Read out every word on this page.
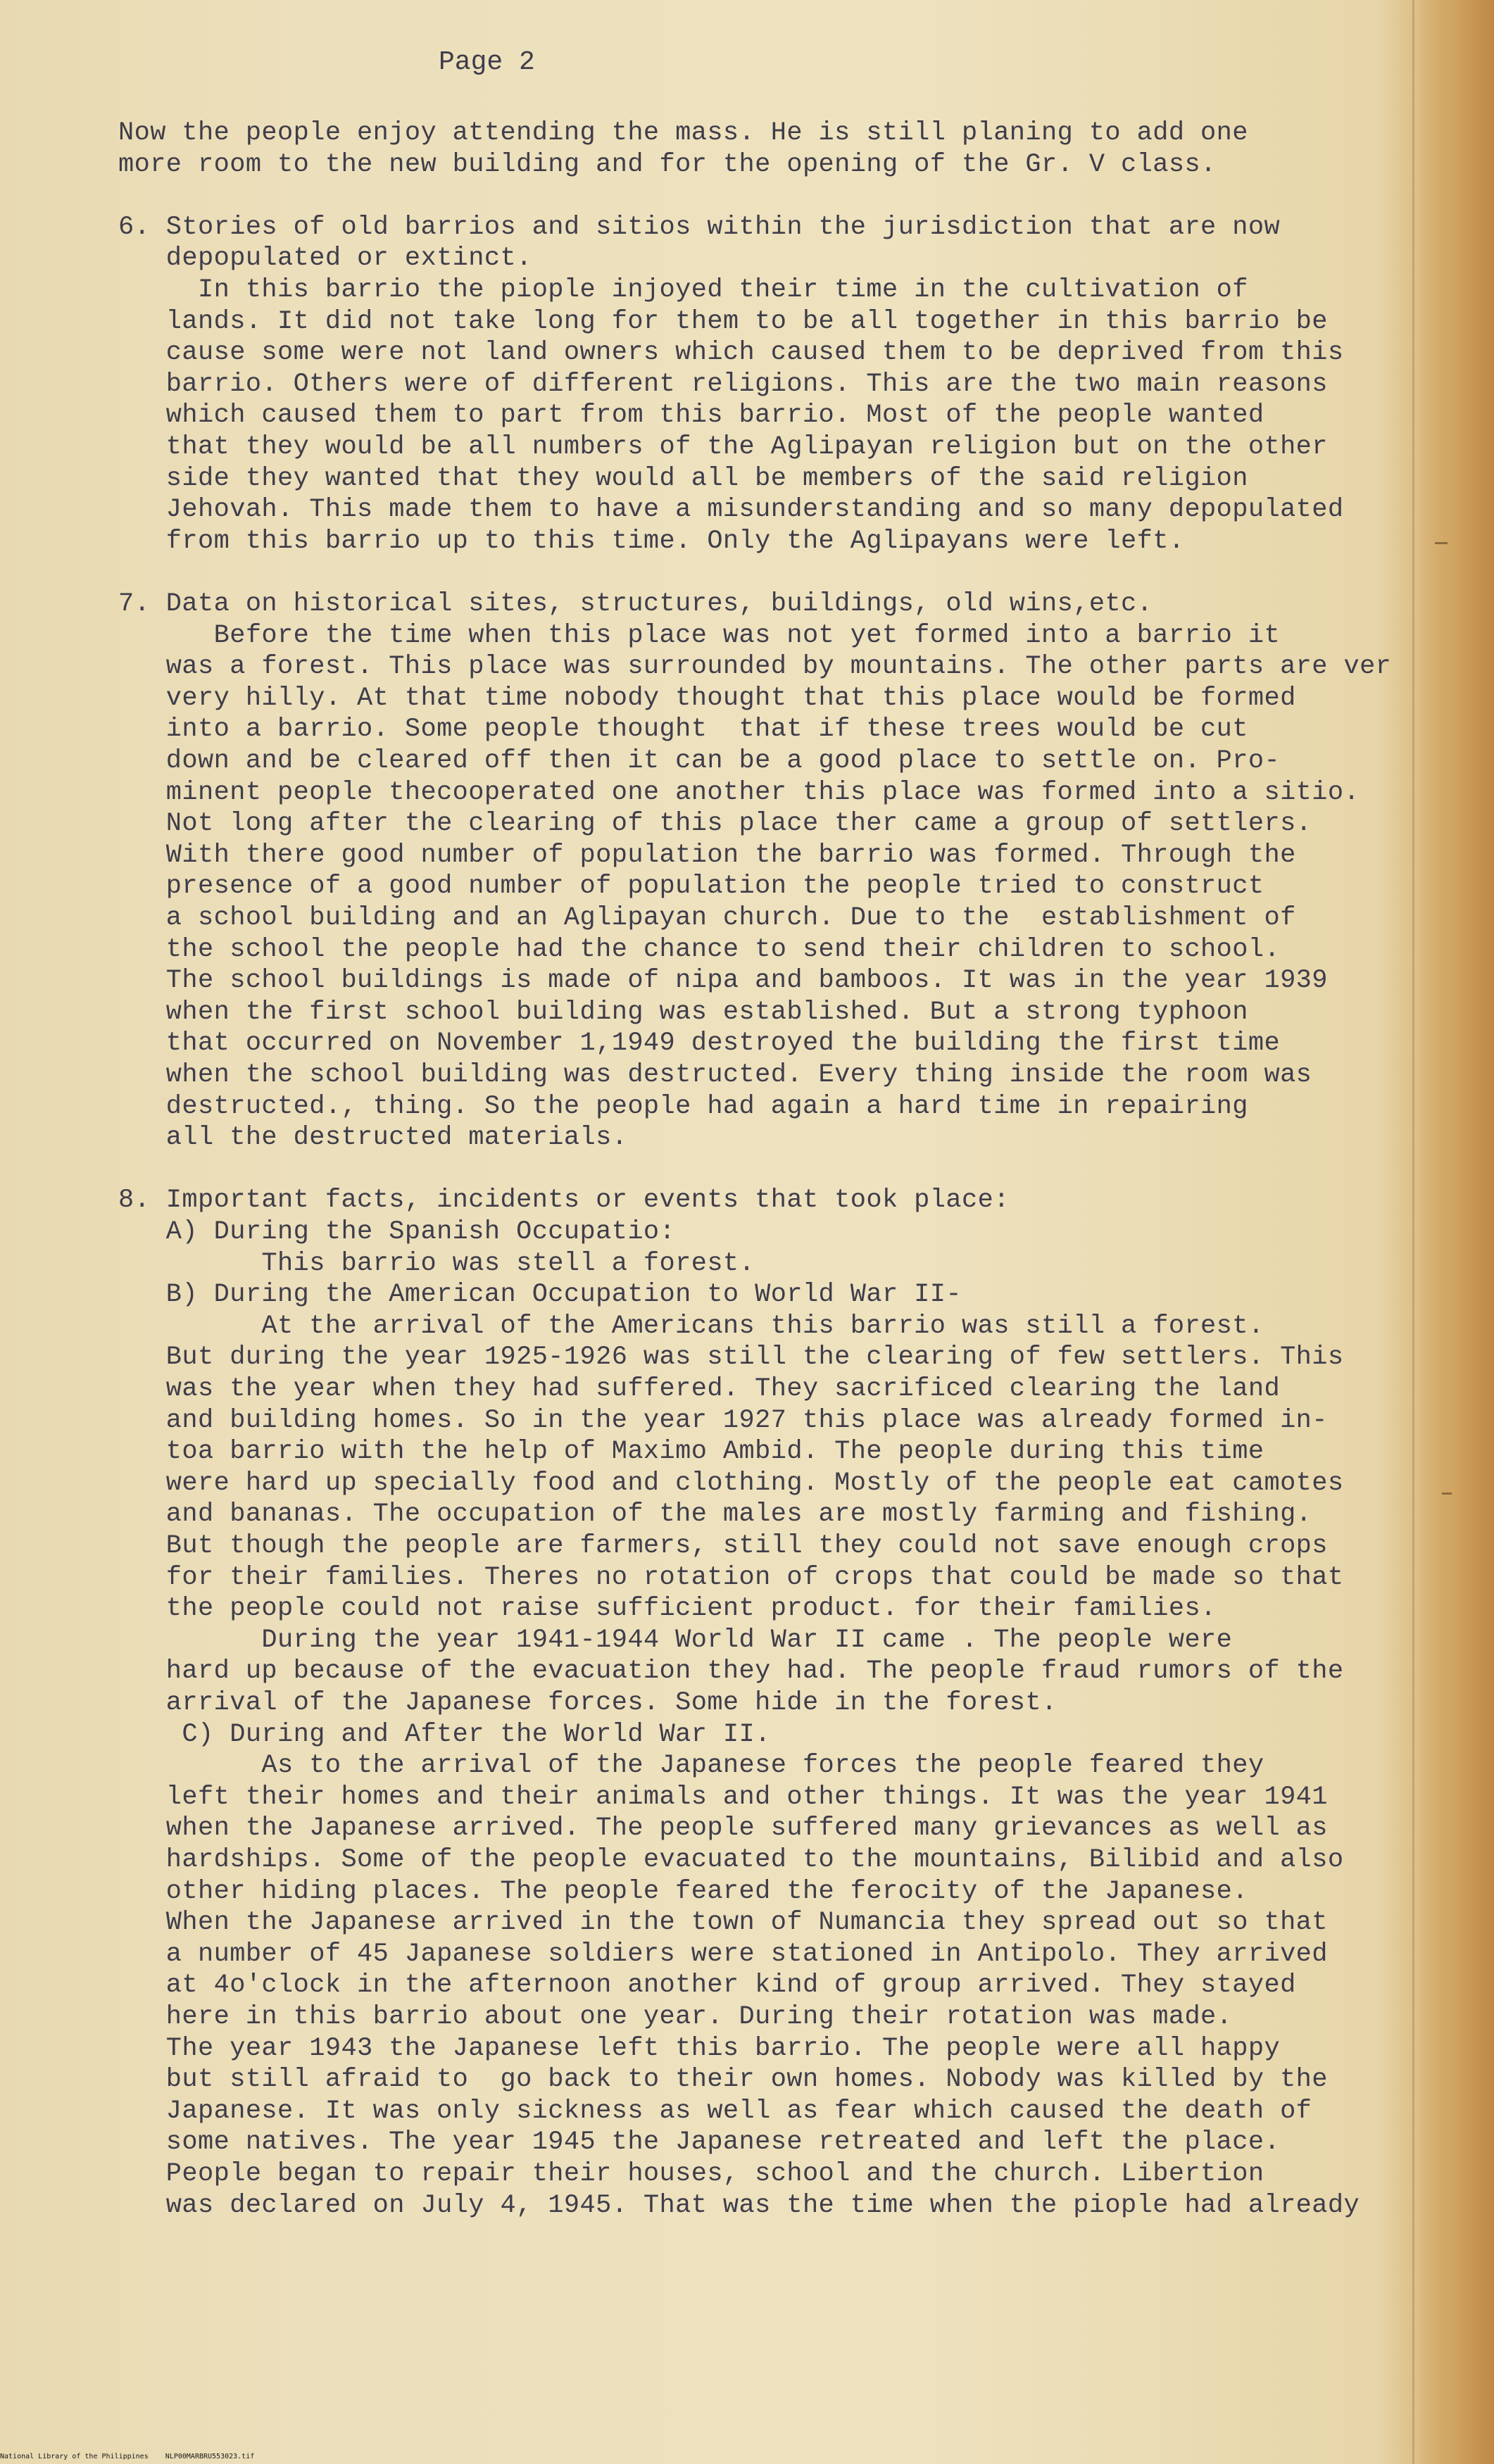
Page 2
Now the people enjoy attending the mass. He is still planing to add one
more room to the new building and for the opening of the Gr. V class.
6. Stories of old barrios and sitios within the jurisdiction that are now
depopulated or extinct.
In this barrio the piople injoyed their time in the cultivation of
lands. It did not take long for them to be all together in this barrio be
cause some were not land owners which caused them to be deprived from this
barrio. Others were of different religions. This are the two main reasons
which caused them to part from this barrio. Most of the people wanted
that they would be all numbers of the Aglipayan religion but on the other
side they wanted that they would all be members of the said religion
Jehovah. This made them to have a misunderstanding and so many depopulated
from this barrio up to this time. Only the Aglipayans were left.
7. Data on historical sites, structures, buildings, old wins,etc.
Before the time when this place was not yet formed into a barrio it
was a forest. This place was surrounded by mountains. The other parts are ver
very hilly. At that time nobody thought that this place would be formed
into a barrio. Some people thought  that if these trees would be cut
down and be cleared off then it can be a good place to settle on. Pro-
minent people thecooperated one another this place was formed into a sitio.
Not long after the clearing of this place ther came a group of settlers.
With there good number of population the barrio was formed. Through the
presence of a good number of population the people tried to construct
a school building and an Aglipayan church. Due to the  establishment of
the school the people had the chance to send their children to school.
The school buildings is made of nipa and bamboos. It was in the year 1939
when the first school building was established. But a strong typhoon
that occurred on November 1,1949 destroyed the building the first time
when the school building was destructed. Every thing inside the room was
destructed., thing. So the people had again a hard time in repairing
all the destructed materials.
8. Important facts, incidents or events that took place:
A) During the Spanish Occupatio:
This barrio was stell a forest.
B) During the American Occupation to World War II-
At the arrival of the Americans this barrio was still a forest.
But during the year 1925-1926 was still the clearing of few settlers. This
was the year when they had suffered. They sacrificed clearing the land
and building homes. So in the year 1927 this place was already formed in-
toa barrio with the help of Maximo Ambid. The people during this time
were hard up specially food and clothing. Mostly of the people eat camotes
and bananas. The occupation of the males are mostly farming and fishing.
But though the people are farmers, still they could not save enough crops
for their families. Theres no rotation of crops that could be made so that
the people could not raise sufficient product. for their families.
During the year 1941-1944 World War II came . The people were
hard up because of the evacuation they had. The people fraud rumors of the
arrival of the Japanese forces. Some hide in the forest.
C) During and After the World War II.
As to the arrival of the Japanese forces the people feared they
left their homes and their animals and other things. It was the year 1941
when the Japanese arrived. The people suffered many grievances as well as
hardships. Some of the people evacuated to the mountains, Bilibid and also
other hiding places. The people feared the ferocity of the Japanese.
When the Japanese arrived in the town of Numancia they spread out so that
a number of 45 Japanese soldiers were stationed in Antipolo. They arrived
at 4o'clock in the afternoon another kind of group arrived. They stayed
here in this barrio about one year. During their rotation was made.
The year 1943 the Japanese left this barrio. The people were all happy
but still afraid to  go back to their own homes. Nobody was killed by the
Japanese. It was only sickness as well as fear which caused the death of
some natives. The year 1945 the Japanese retreated and left the place.
People began to repair their houses, school and the church. Libertion
was declared on July 4, 1945. That was the time when the piople had already
National Library of the Philippines    NLP00MARBRU553023.tif
